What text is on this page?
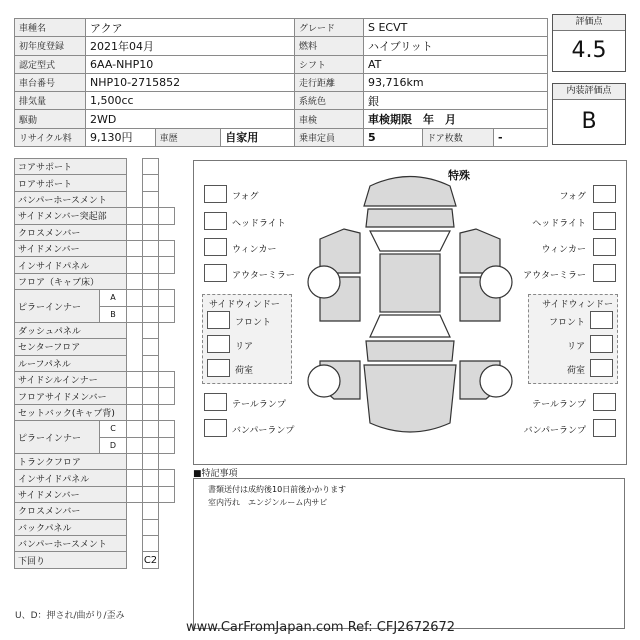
車種名	アクア			グレード	S ECVT		
初年度登録	2021年04月			燃料	ハイブリット		
認定型式	6AA-NHP10			シフト	AT		
車台番号	NHP10-2715852			走行距離	93,716km		
排気量	1,500cc			系統色	銀		
駆動	2WD			車検	車検期限　年　月		
リサイクル料	9,130円	車歴	自家用	乗車定員	5	ドア枚数	-
評価点
4.5
内装評価点
B
コアサポート				
ロアサポート				
バンパーホースメント				
サイドメンバー突起部				
クロスメンバー				
サイドメンバー				
インサイドパネル				
フロア（キャブ床）				
ピラーインナー	A			
	B			
ダッシュパネル				
センターフロア				
ルーフパネル				
サイドシルインナー				
フロアサイドメンバー				
セットバック(キャブ背)				
ピラーインナー	C			
	D			
トランクフロア				
インサイドパネル				
サイドメンバー				
クロスメンバー				
バックパネル				
バンパーホースメント				
下回り			C2	
U、D：押され/曲がり/歪み
特殊
フォグ
ヘッドライト
ウィンカー
アウターミラー
フォグ
ヘッドライト
ウィンカー
アウターミラー
サイドウィンドー
フロント
リア
荷室
サイドウィンドー
フロント
リア
荷室
テールランプ
バンパーランプ
テールランプ
バンパーランプ
■特記事項
書類送付は成約後10日前後かかります
室内汚れ　エンジンルーム内サビ
www.CarFromJapan.com Ref: CFJ2672672
